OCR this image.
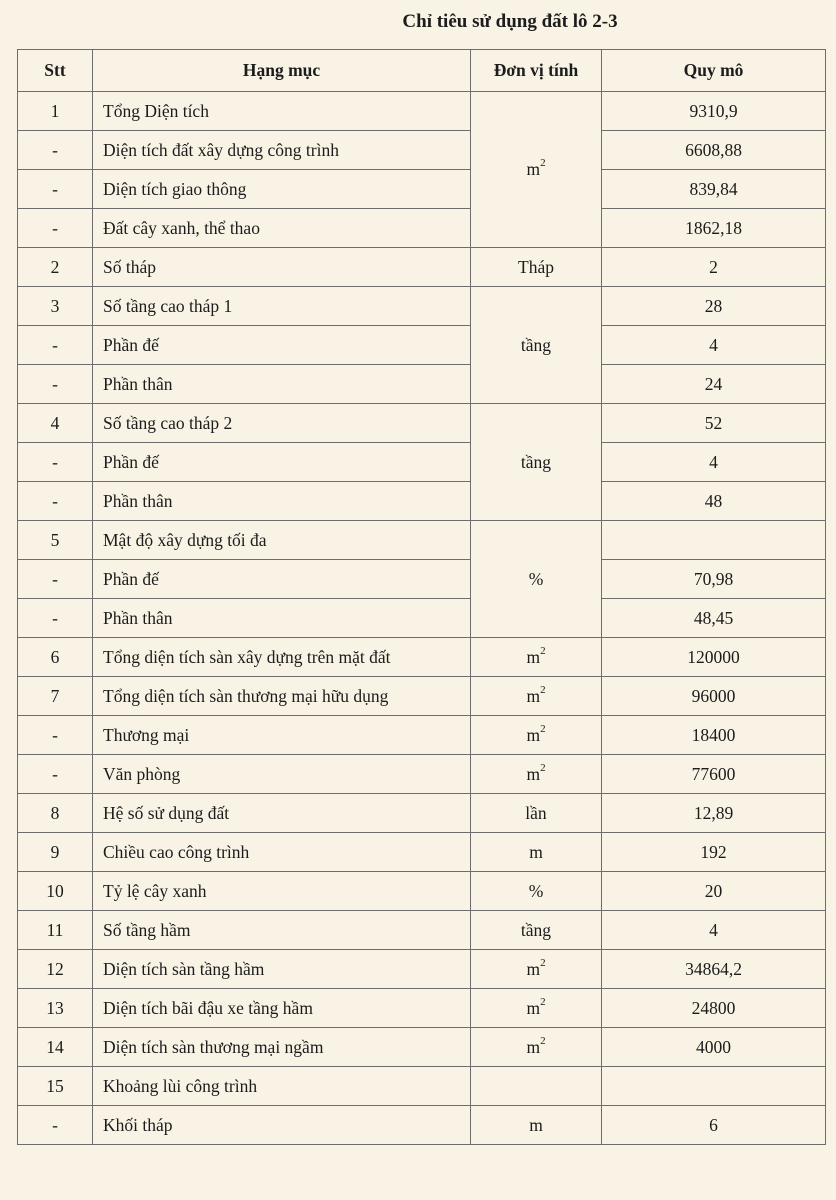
Chỉ tiêu sử dụng đất lô 2-3
Stt	Hạng mục	Đơn vị tính	Quy mô
1	Tổng Diện tích	$m^2$	9310,9
-	Diện tích đất xây dựng công trình		6608,88
-	Diện tích giao thông		839,84
-	Đất cây xanh, thể thao		1862,18
2	Số tháp	Tháp	2
3	Số tầng cao tháp 1	tầng	28
-	Phần đế		4
-	Phần thân		24
4	Số tầng cao tháp 2	tầng	52
-	Phần đế		4
-	Phần thân		48
5	Mật độ xây dựng tối đa	%	
-	Phần đế		70,98
-	Phần thân		48,45
6	Tổng diện tích sàn xây dựng trên mặt đất	$m^2$	120000
7	Tổng diện tích sàn thương mại hữu dụng	$m^2$	96000
-	Thương mại	$m^2$	18400
-	Văn phòng	$m^2$	77600
8	Hệ số sử dụng đất	lần	12,89
9	Chiều cao công trình	m	192
10	Tỷ lệ cây xanh	%	20
11	Số tầng hầm	tầng	4
12	Diện tích sàn tầng hầm	$m^2$	34864,2
13	Diện tích bãi đậu xe tầng hầm	$m^2$	24800
14	Diện tích sàn thương mại ngầm	$m^2$	4000
15	Khoảng lùi công trình		
-	Khối tháp	m	6
